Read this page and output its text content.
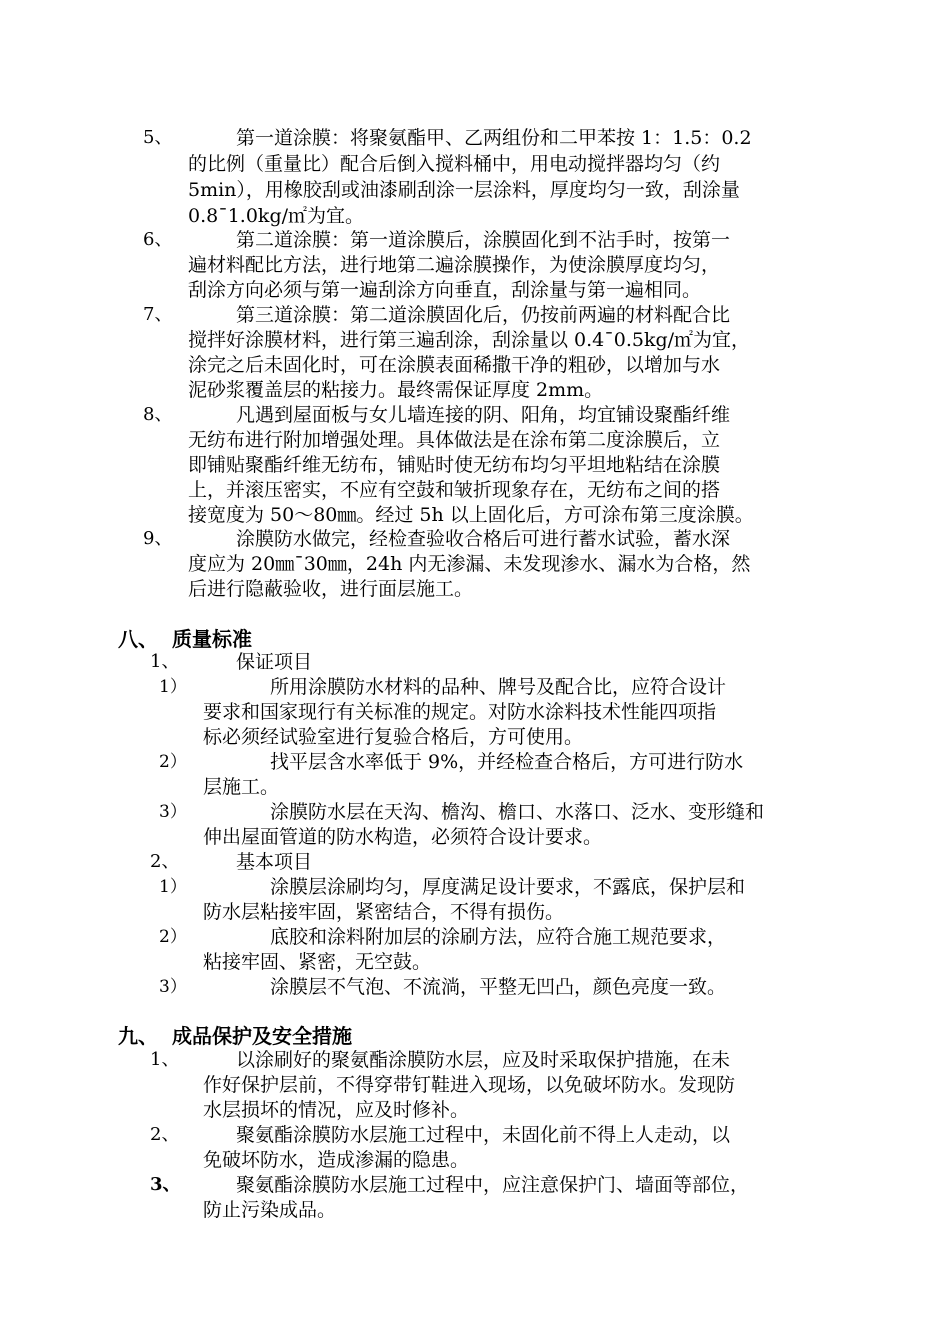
5、	第一道涂膜：将聚氨酯甲、乙两组份和二甲苯按 1：1.5：0.2
的比例（重量比）配合后倒入搅料桶中，用电动搅拌器均匀（约
5min），用橡胶刮或油漆刷刮涂一层涂料，厚度均匀一致，刮涂量
0.8¯1.0kg/㎡为宜。
6、	第二道涂膜：第一道涂膜后，涂膜固化到不沾手时，按第一
遍材料配比方法，进行地第二遍涂膜操作，为使涂膜厚度均匀，
刮涂方向必须与第一遍刮涂方向垂直，刮涂量与第一遍相同。
7、	第三道涂膜：第二道涂膜固化后，仍按前两遍的材料配合比
搅拌好涂膜材料，进行第三遍刮涂，刮涂量以 0.4¯0.5kg/㎡为宜，
涂完之后未固化时，可在涂膜表面稀撒干净的粗砂，以增加与水
泥砂浆覆盖层的粘接力。最终需保证厚度 2mm。
8、	凡遇到屋面板与女儿墙连接的阴、阳角，均宜铺设聚酯纤维
无纺布进行附加增强处理。具体做法是在涂布第二度涂膜后，立
即铺贴聚酯纤维无纺布，铺贴时使无纺布均匀平坦地粘结在涂膜
上，并滚压密实，不应有空鼓和皱折现象存在，无纺布之间的搭
接宽度为 50～80㎜。经过 5h 以上固化后，方可涂布第三度涂膜。
9、	涂膜防水做完，经检查验收合格后可进行蓄水试验，蓄水深
度应为 20㎜¯30㎜，24h 内无渗漏、未发现渗水、漏水为合格，然
后进行隐蔽验收，进行面层施工。
八、 质量标准
1、	保证项目
1）	所用涂膜防水材料的品种、牌号及配合比，应符合设计
要求和国家现行有关标准的规定。对防水涂料技术性能四项指
标必须经试验室进行复验合格后，方可使用。
2）	找平层含水率低于 9%，并经检查合格后，方可进行防水
层施工。
3）	涂膜防水层在天沟、檐沟、檐口、水落口、泛水、变形缝和
伸出屋面管道的防水构造，必须符合设计要求。
2、	基本项目
1）	涂膜层涂刷均匀，厚度满足设计要求，不露底，保护层和
防水层粘接牢固，紧密结合，不得有损伤。
2）	底胶和涂料附加层的涂刷方法，应符合施工规范要求，
粘接牢固、紧密，无空鼓。
3）	涂膜层不气泡、不流淌，平整无凹凸，颜色亮度一致。
九、 成品保护及安全措施
1、	以涂刷好的聚氨酯涂膜防水层，应及时采取保护措施，在未
作好保护层前，不得穿带钉鞋进入现场，以免破坏防水。发现防
水层损坏的情况，应及时修补。
2、	聚氨酯涂膜防水层施工过程中，未固化前不得上人走动，以
免破坏防水，造成渗漏的隐患。
3、	聚氨酯涂膜防水层施工过程中，应注意保护门、墙面等部位，
防止污染成品。
